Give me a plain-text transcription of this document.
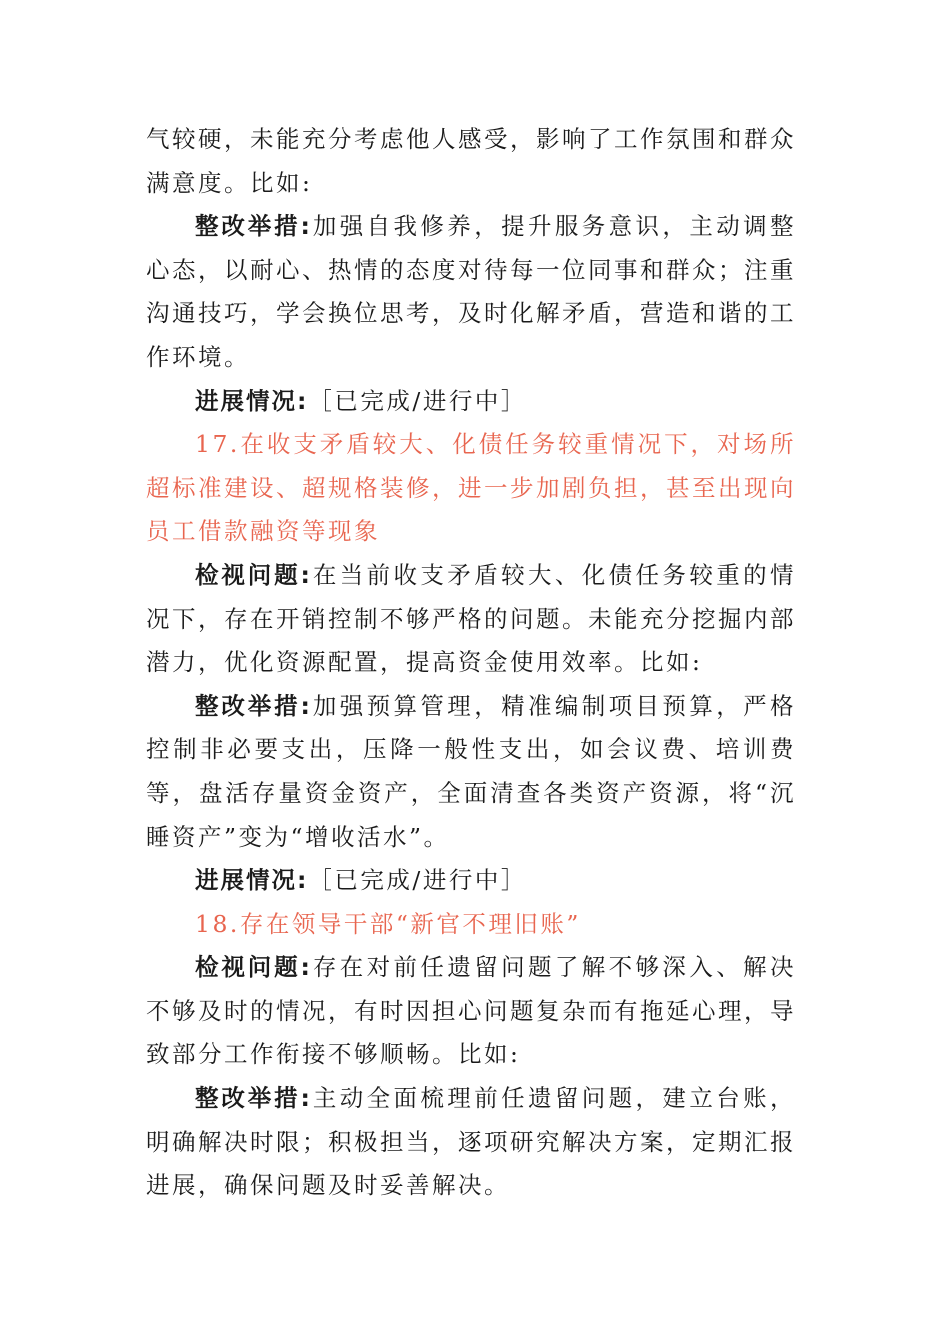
气较硬，未能充分考虑他人感受，影响了工作氛围和群众满意度。比如:

整改举措:加强自我修养，提升服务意识，主动调整心态，以耐心、热情的态度对待每一位同事和群众；注重沟通技巧，学会换位思考，及时化解矛盾，营造和谐的工作环境。

进展情况:［已完成/进行中］

17.在收支矛盾较大、化债任务较重情况下，对场所超标准建设、超规格装修，进一步加剧负担，甚至出现向员工借款融资等现象

检视问题:在当前收支矛盾较大、化债任务较重的情况下，存在开销控制不够严格的问题。未能充分挖掘内部潜力，优化资源配置，提高资金使用效率。比如:

整改举措:加强预算管理，精准编制项目预算，严格控制非必要支出，压降一般性支出，如会议费、培训费等，盘活存量资金资产，全面清查各类资产资源，将“沉睡资产”变为“增收活水”。

进展情况:［已完成/进行中］

18.存在领导干部“新官不理旧账”

检视问题:存在对前任遗留问题了解不够深入、解决不够及时的情况，有时因担心问题复杂而有拖延心理，导致部分工作衔接不够顺畅。比如:

整改举措:主动全面梳理前任遗留问题，建立台账，明确解决时限；积极担当，逐项研究解决方案，定期汇报进展，确保问题及时妥善解决。
